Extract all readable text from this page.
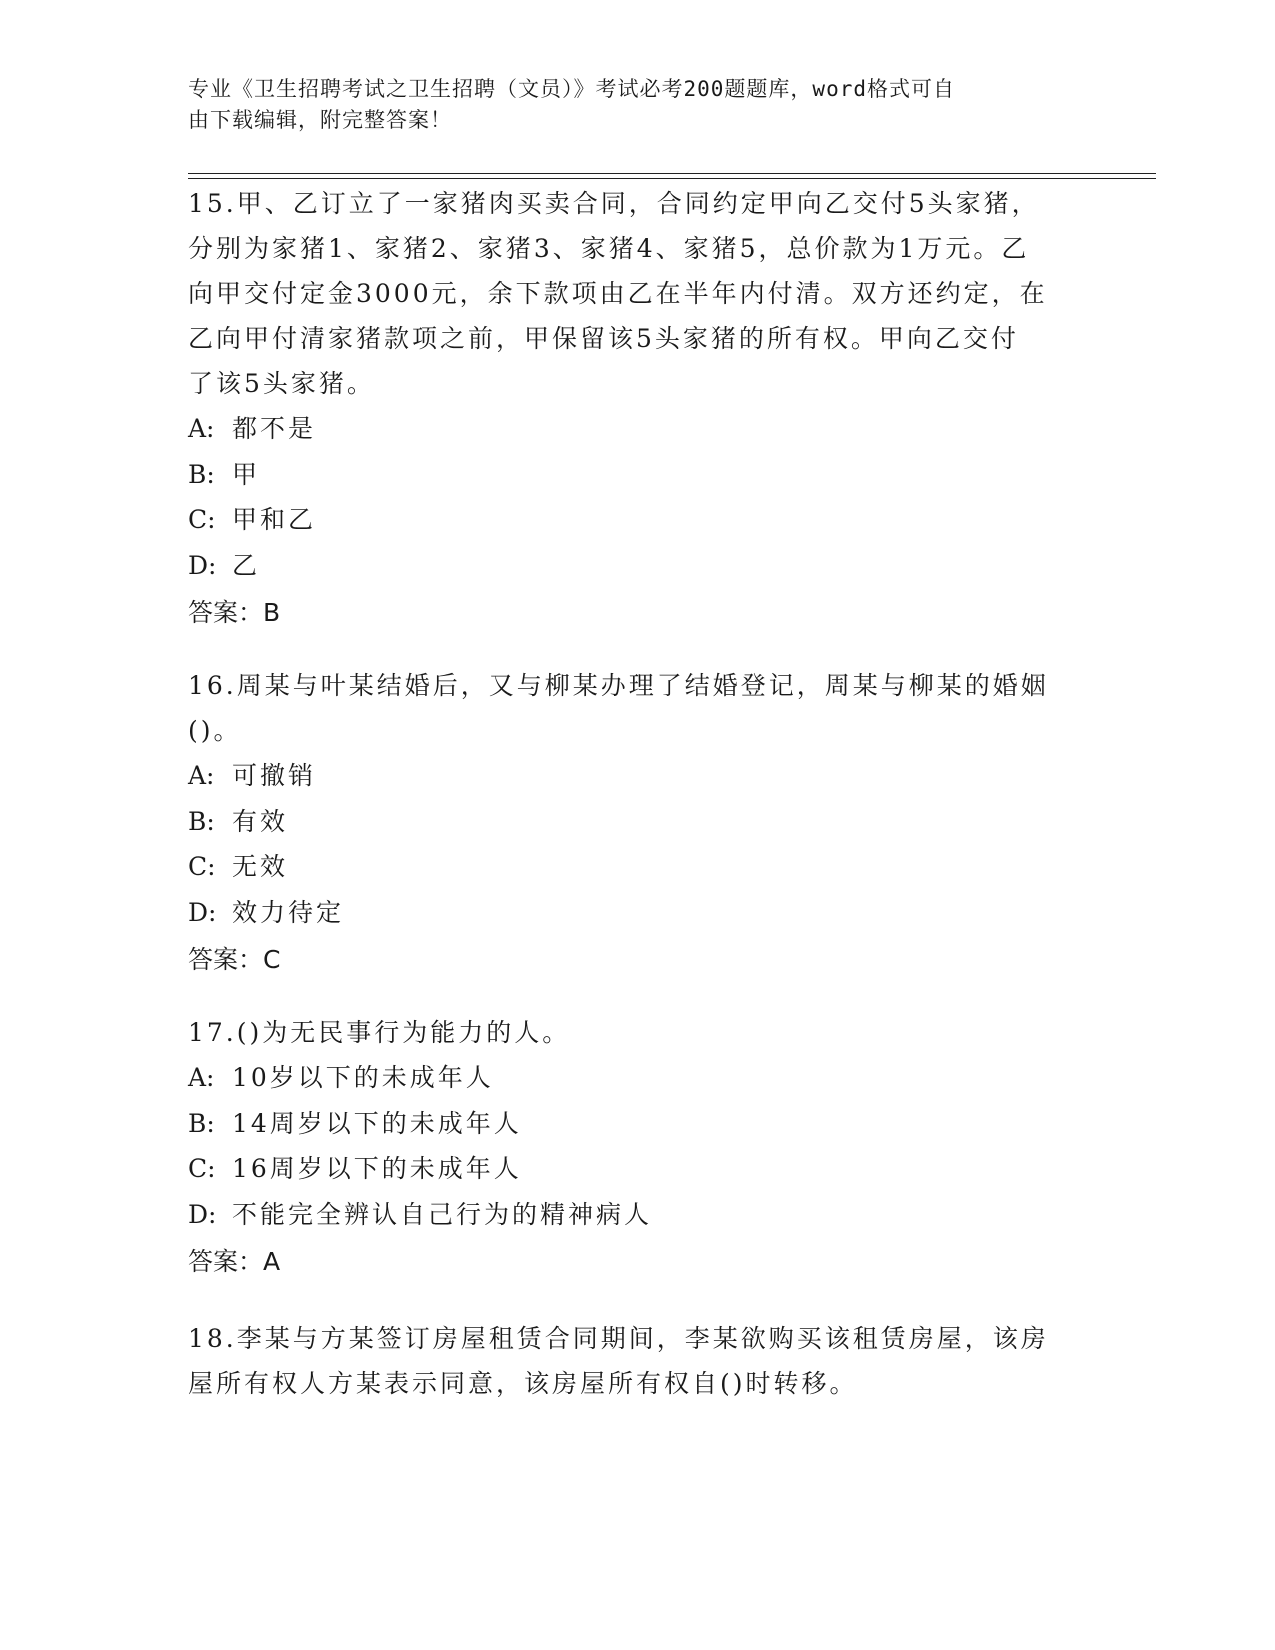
专业《卫生招聘考试之卫生招聘（文员）》考试必考200题题库，word格式可自
由下载编辑，附完整答案！
15.甲、乙订立了一家猪肉买卖合同，合同约定甲向乙交付5头家猪，
分别为家猪1、家猪2、家猪3、家猪4、家猪5，总价款为1万元。乙
向甲交付定金3000元，余下款项由乙在半年内付清。双方还约定，在
乙向甲付清家猪款项之前，甲保留该5头家猪的所有权。甲向乙交付
了该5头家猪。
A: 都不是
B: 甲
C: 甲和乙
D: 乙
答案：B
16.周某与叶某结婚后，又与柳某办理了结婚登记，周某与柳某的婚姻
()。
A: 可撤销
B: 有效
C: 无效
D: 效力待定
答案：C
17.()为无民事行为能力的人。
A: 10岁以下的未成年人
B: 14周岁以下的未成年人
C: 16周岁以下的未成年人
D: 不能完全辨认自己行为的精神病人
答案：A
18.李某与方某签订房屋租赁合同期间，李某欲购买该租赁房屋，该房
屋所有权人方某表示同意，该房屋所有权自()时转移。
